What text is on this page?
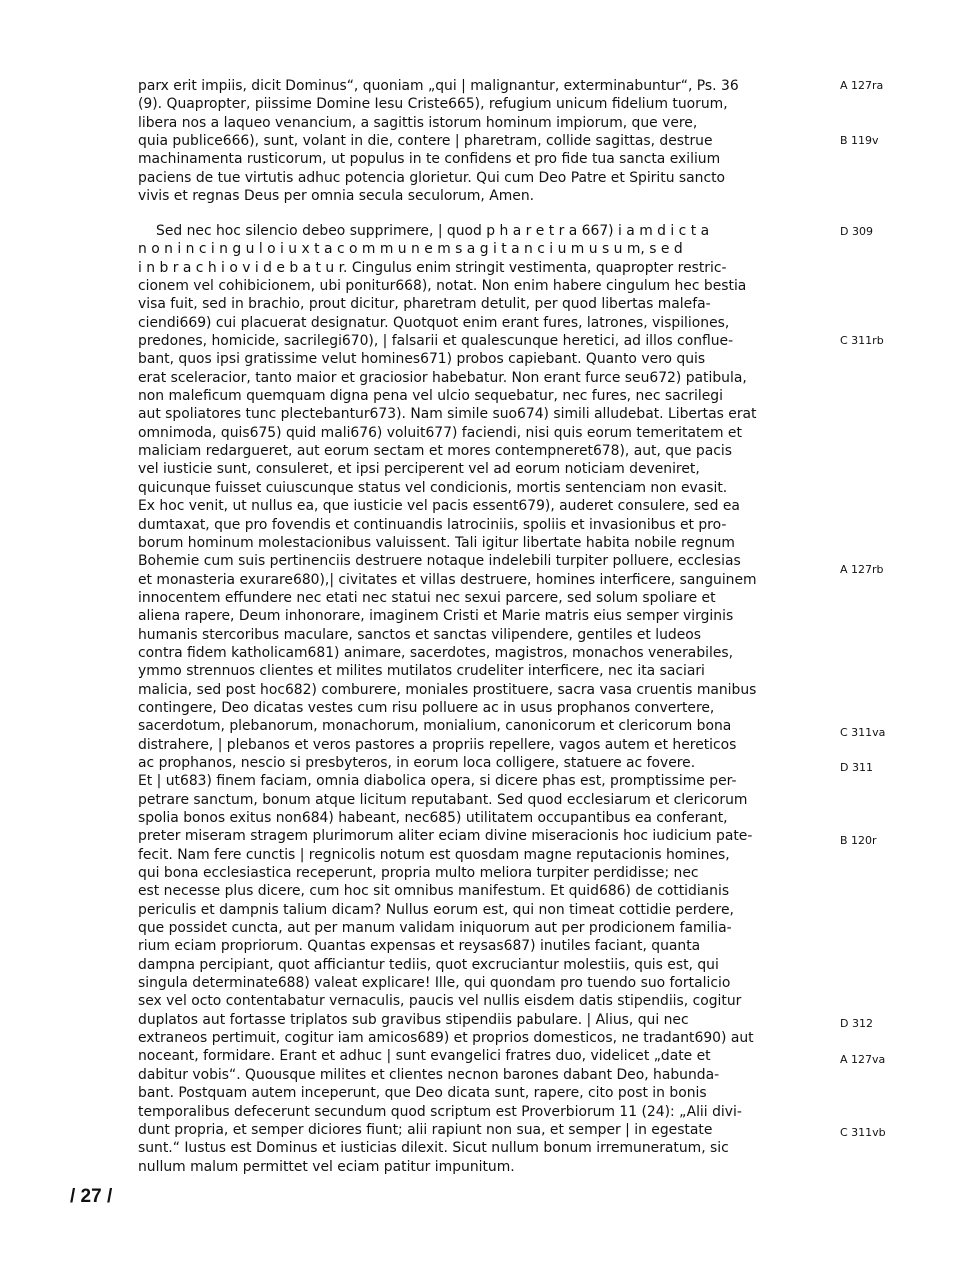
parx erit impiis, dicit Dominus“, quoniam „qui | malignantur, exterminabuntur“, Ps. 36
(9). Quapropter, piissime Domine Iesu Criste665), refugium unicum fidelium tuorum,
libera nos a laqueo venancium, a sagittis istorum hominum impiorum, que vere,
quia publice666), sunt, volant in die, contere | pharetram, collide sagittas, destrue
machinamenta rusticorum, ut populus in te confidens et pro fide tua sancta exilium
paciens de tue virtutis adhuc potencia glorietur. Qui cum Deo Patre et Spiritu sancto
vivis et regnas Deus per omnia secula seculorum, Amen.
Sed nec hoc silencio debeo supprimere, | quod p h a r e t r a 667) i a m d i c t a
n o n i n c i n g u l o i u x t a c o m m u n e m s a g i t a n c i u m u s u m, s e d
i n b r a c h i o v i d e b a t u r. Cingulus enim stringit vestimenta, quapropter restric-
cionem vel cohibicionem, ubi ponitur668), notat. Non enim habere cingulum hec bestia
visa fuit, sed in brachio, prout dicitur, pharetram detulit, per quod libertas malefa-
ciendi669) cui placuerat designatur. Quotquot enim erant fures, latrones, vispiliones,
predones, homicide, sacrilegi670), | falsarii et qualescunque heretici, ad illos conflue-
bant, quos ipsi gratissime velut homines671) probos capiebant. Quanto vero quis
erat sceleracior, tanto maior et graciosior habebatur. Non erant furce seu672) patibula,
non maleficum quemquam digna pena vel ulcio sequebatur, nec fures, nec sacrilegi
aut spoliatores tunc plectebantur673). Nam simile suo674) simili alludebat. Libertas erat
omnimoda, quis675) quid mali676) voluit677) faciendi, nisi quis eorum temeritatem et
maliciam redargueret, aut eorum sectam et mores contempneret678), aut, que pacis
vel iusticie sunt, consuleret, et ipsi perciperent vel ad eorum noticiam deveniret,
quicunque fuisset cuiuscunque status vel condicionis, mortis sentenciam non evasit.
Ex hoc venit, ut nullus ea, que iusticie vel pacis essent679), auderet consulere, sed ea
dumtaxat, que pro fovendis et continuandis latrociniis, spoliis et invasionibus et pro-
borum hominum molestacionibus valuissent. Tali igitur libertate habita nobile regnum
Bohemie cum suis pertinenciis destruere notaque indelebili turpiter polluere, ecclesias
et monasteria exurare680),| civitates et villas destruere, homines interficere, sanguinem
innocentem effundere nec etati nec statui nec sexui parcere, sed solum spoliare et
aliena rapere, Deum inhonorare, imaginem Cristi et Marie matris eius semper virginis
humanis stercoribus maculare, sanctos et sanctas vilipendere, gentiles et ludeos
contra fidem katholicam681) animare, sacerdotes, magistros, monachos venerabiles,
ymmo strennuos clientes et milites mutilatos crudeliter interficere, nec ita saciari
malicia, sed post hoc682) comburere, moniales prostituere, sacra vasa cruentis manibus
contingere, Deo dicatas vestes cum risu polluere ac in usus prophanos convertere,
sacerdotum, plebanorum, monachorum, monialium, canonicorum et clericorum bona
distrahere, | plebanos et veros pastores a propriis repellere, vagos autem et hereticos
ac prophanos, nescio si presbyteros, in eorum loca colligere, statuere ac fovere.
Et | ut683) finem faciam, omnia diabolica opera, si dicere phas est, promptissime per-
petrare sanctum, bonum atque licitum reputabant. Sed quod ecclesiarum et clericorum
spolia bonos exitus non684) habeant, nec685) utilitatem occupantibus ea conferant,
preter miseram stragem plurimorum aliter eciam divine miseracionis hoc iudicium pate-
fecit. Nam fere cunctis | regnicolis notum est quosdam magne reputacionis homines,
qui bona ecclesiastica receperunt, propria multo meliora turpiter perdidisse; nec
est necesse plus dicere, cum hoc sit omnibus manifestum. Et quid686) de cottidianis
periculis et dampnis talium dicam? Nullus eorum est, qui non timeat cottidie perdere,
que possidet cuncta, aut per manum validam iniquorum aut per prodicionem familia-
rium eciam propriorum. Quantas expensas et reysas687) inutiles faciant, quanta
dampna percipiant, quot afficiantur tediis, quot excruciantur molestiis, quis est, qui
singula determinate688) valeat explicare! Ille, qui quondam pro tuendo suo fortalicio
sex vel octo contentabatur vernaculis, paucis vel nullis eisdem datis stipendiis, cogitur
duplatos aut fortasse triplatos sub gravibus stipendiis pabulare. | Alius, qui nec
extraneos pertimuit, cogitur iam amicos689) et proprios domesticos, ne tradant690) aut
noceant, formidare. Erant et adhuc | sunt evangelici fratres duo, videlicet „date et
dabitur vobis“. Quousque milites et clientes necnon barones dabant Deo, habunda-
bant. Postquam autem inceperunt, que Deo dicata sunt, rapere, cito post in bonis
temporalibus defecerunt secundum quod scriptum est Proverbiorum 11 (24): „Alii divi-
dunt propria, et semper diciores fiunt; alii rapiunt non sua, et semper | in egestate
sunt.“ Iustus est Dominus et iusticias dilexit. Sicut nullum bonum irremuneratum, sic
nullum malum permittet vel eciam patitur impunitum.
A 127ra
B 119v
D 309
C 311rb
A 127rb
C 311va
D 311
B 120r
D 312
A 127va
C 311vb
/ 27 /
